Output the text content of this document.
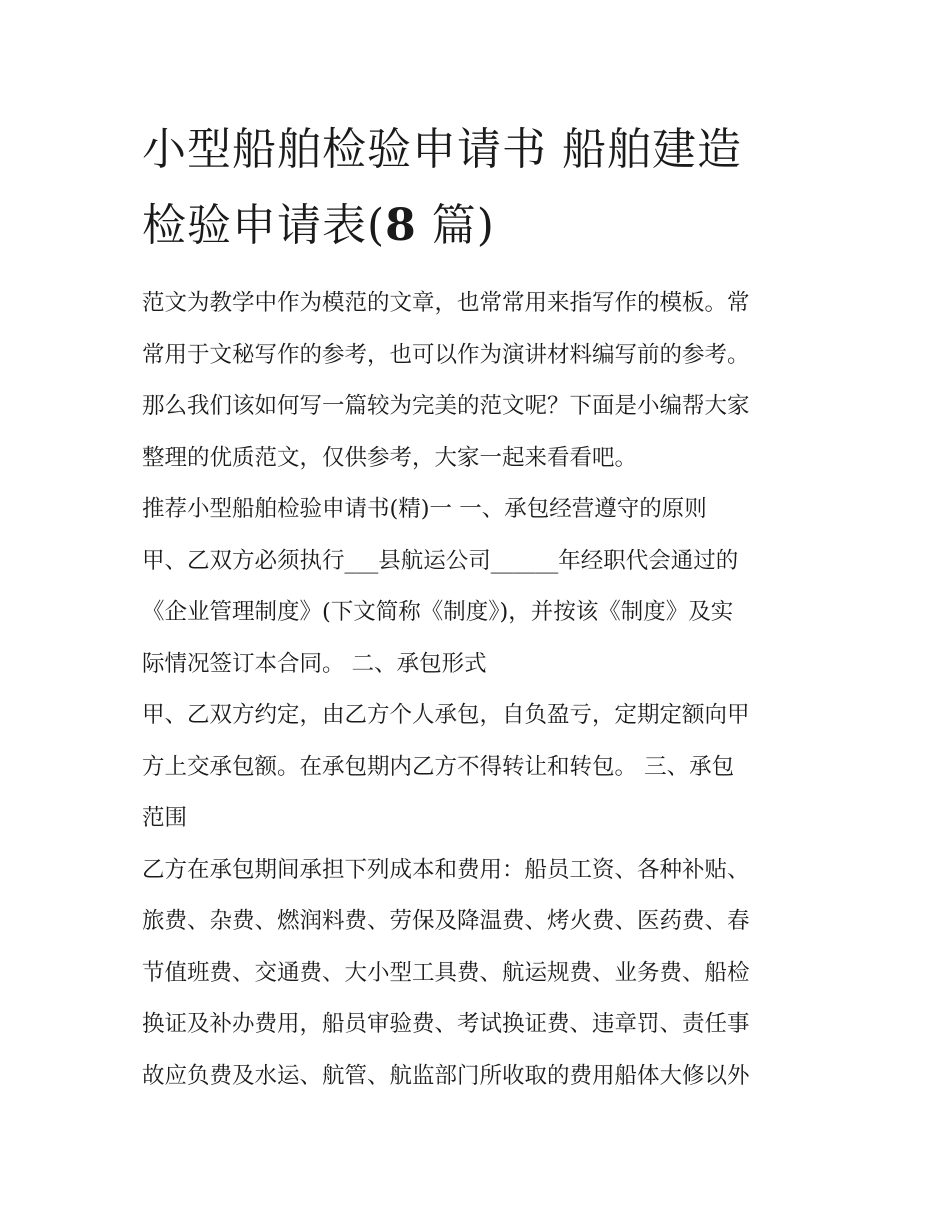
小型船舶检验申请书 船舶建造
检验申请表(8 篇)
范文为教学中作为模范的文章，也常常用来指写作的模板。常
常用于文秘写作的参考，也可以作为演讲材料编写前的参考。
那么我们该如何写一篇较为完美的范文呢？下面是小编帮大家
整理的优质范文，仅供参考，大家一起来看看吧。
推荐小型船舶检验申请书(精)一 一、承包经营遵守的原则
甲、乙双方必须执行___县航运公司______年经职代会通过的
《企业管理制度》(下文简称《制度》)，并按该《制度》及实
际情况签订本合同。 二、承包形式
甲、乙双方约定，由乙方个人承包，自负盈亏，定期定额向甲
方上交承包额。在承包期内乙方不得转让和转包。 三、承包
范围
乙方在承包期间承担下列成本和费用：船员工资、各种补贴、
旅费、杂费、燃润料费、劳保及降温费、烤火费、医药费、春
节值班费、交通费、大小型工具费、航运规费、业务费、船检
换证及补办费用，船员审验费、考试换证费、违章罚、责任事
故应负费及水运、航管、航监部门所收取的费用船体大修以外
